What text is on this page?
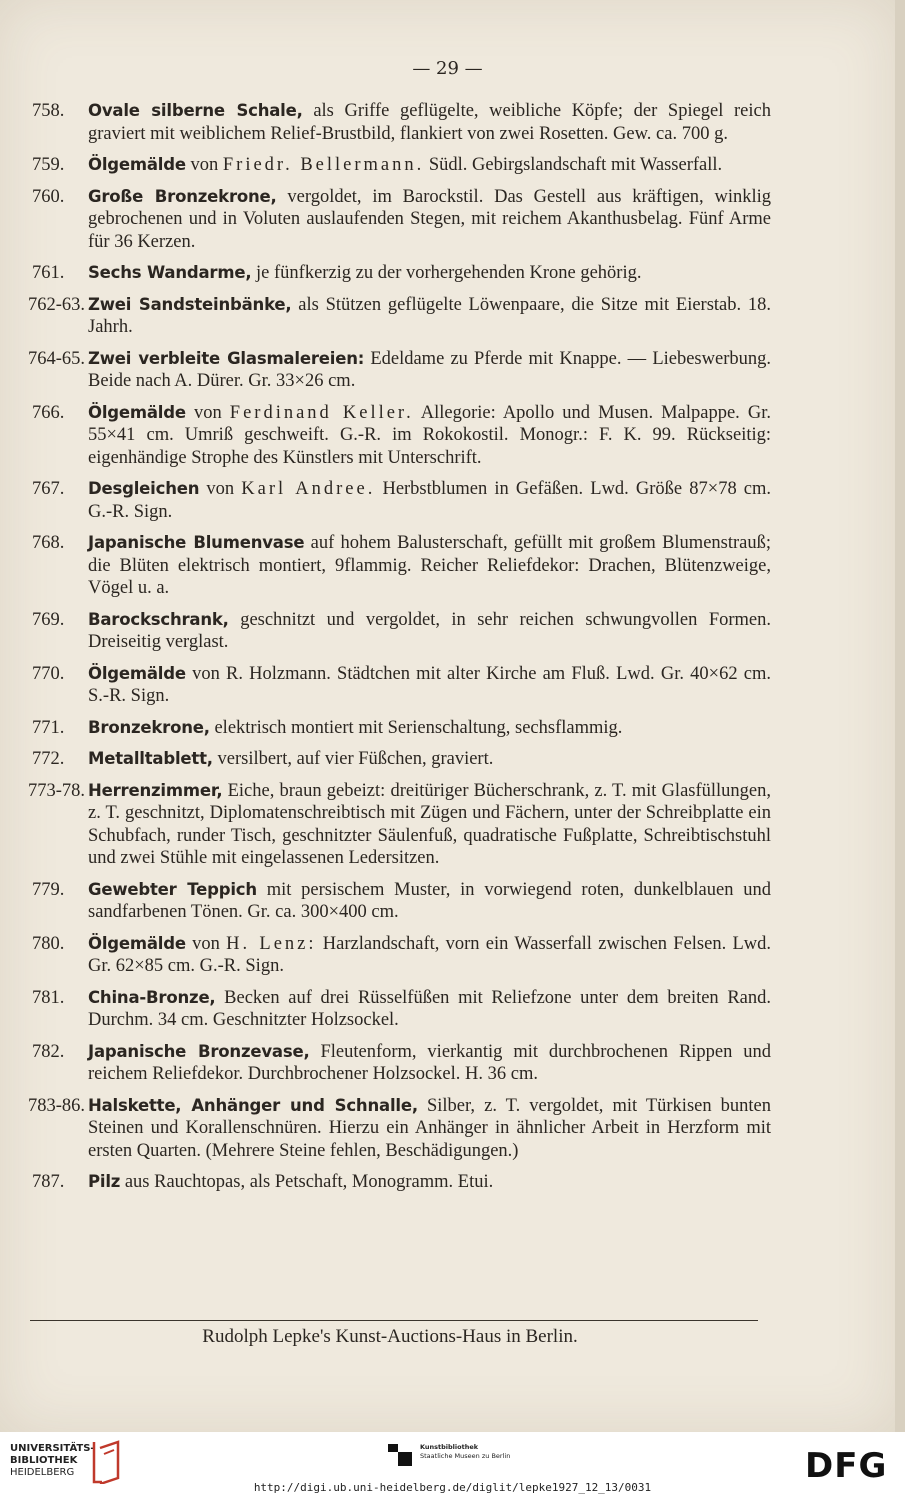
— 29 —
758. Ovale silberne Schale, als Griffe geflügelte, weibliche Köpfe; der Spiegel reich graviert mit weiblichem Relief-Brustbild, flankiert von zwei Rosetten. Gew. ca. 700 g.
759. Ölgemälde von Friedr. Bellermann. Südl. Gebirgslandschaft mit Wasserfall.
760. Große Bronzekrone, vergoldet, im Barockstil. Das Gestell aus kräftigen, winklig gebrochenen und in Voluten auslaufenden Stegen, mit reichem Akanthusbelag. Fünf Arme für 36 Kerzen.
761. Sechs Wandarme, je fünfkerzig zu der vorhergehenden Krone gehörig.
762-63. Zwei Sandsteinbänke, als Stützen geflügelte Löwenpaare, die Sitze mit Eierstab. 18. Jahrh.
764-65. Zwei verbleite Glasmalereien: Edeldame zu Pferde mit Knappe. — Liebeswerbung. Beide nach A. Dürer. Gr. 33×26 cm.
766. Ölgemälde von Ferdinand Keller. Allegorie: Apollo und Musen. Malpappe. Gr. 55×41 cm. Umriß geschweift. G.-R. im Rokokostil. Monogr.: F. K. 99. Rückseitig: eigenhändige Strophe des Künstlers mit Unterschrift.
767. Desgleichen von Karl Andree. Herbstblumen in Gefäßen. Lwd. Größe 87×78 cm. G.-R. Sign.
768. Japanische Blumenvase auf hohem Balusterschaft, gefüllt mit großem Blumenstrauß; die Blüten elektrisch montiert, 9flammig. Reicher Reliefdekor: Drachen, Blütenzweige, Vögel u. a.
769. Barockschrank, geschnitzt und vergoldet, in sehr reichen schwungvollen Formen. Dreiseitig verglast.
770. Ölgemälde von R. Holzmann. Städtchen mit alter Kirche am Fluß. Lwd. Gr. 40×62 cm. S.-R. Sign.
771. Bronzekrone, elektrisch montiert mit Serienschaltung, sechsflammig.
772. Metalltablett, versilbert, auf vier Füßchen, graviert.
773-78. Herrenzimmer, Eiche, braun gebeizt: dreitüriger Bücherschrank, z. T. mit Glasfüllungen, z. T. geschnitzt, Diplomatenschreibtisch mit Zügen und Fächern, unter der Schreibplatte ein Schubfach, runder Tisch, geschnitzter Säulenfuß, quadratische Fußplatte, Schreibtischstuhl und zwei Stühle mit eingelassenen Ledersitzen.
779. Gewebter Teppich mit persischem Muster, in vorwiegend roten, dunkelblauen und sandfarbenen Tönen. Gr. ca. 300×400 cm.
780. Ölgemälde von H. Lenz: Harzlandschaft, vorn ein Wasserfall zwischen Felsen. Lwd. Gr. 62×85 cm. G.-R. Sign.
781. China-Bronze, Becken auf drei Rüsselfüßen mit Reliefzone unter dem breiten Rand. Durchm. 34 cm. Geschnitzter Holzsockel.
782. Japanische Bronzevase, Fleutenform, vierkantig mit durchbrochenen Rippen und reichem Reliefdekor. Durchbrochener Holzsockel. H. 36 cm.
783-86. Halskette, Anhänger und Schnalle, Silber, z. T. vergoldet, mit Türkisen bunten Steinen und Korallenschnüren. Hierzu ein Anhänger in ähnlicher Arbeit in Herzform mit ersten Quarten. (Mehrere Steine fehlen, Beschädigungen.)
787. Pilz aus Rauchtopas, als Petschaft, Monogramm. Etui.
Rudolph Lepke's Kunst-Auctions-Haus in Berlin.
UNIVERSITÄTS-
BIBLIOTHEK
HEIDELBERG
Kunstbibliothek
Staatliche Museen zu Berlin	DFG
http://digi.ub.uni-heidelberg.de/diglit/lepke1927_12_13/0031
